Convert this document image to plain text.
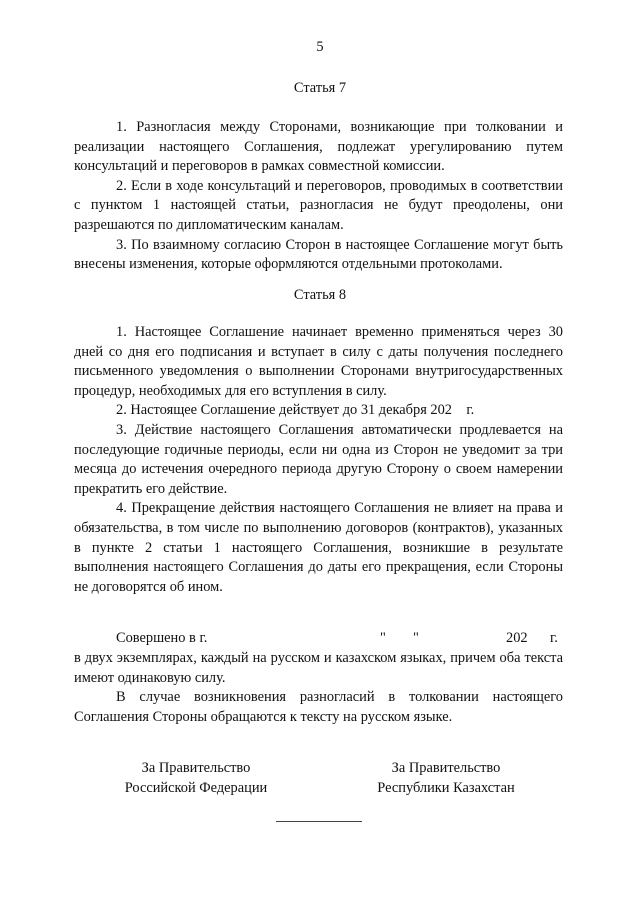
5
Статья 7

1. Разногласия между Сторонами, возникающие при толковании и реализации настоящего Соглашения, подлежат урегулированию путем консультаций и переговоров в рамках совместной комиссии.

2. Если в ходе консультаций и переговоров, проводимых в соответствии с пунктом 1 настоящей статьи, разногласия не будут преодолены, они разрешаются по дипломатическим каналам.

3. По взаимному согласию Сторон в настоящее Соглашение могут быть внесены изменения, которые оформляются отдельными протоколами.

Статья 8

1. Настоящее Соглашение начинает временно применяться через 30 дней со дня его подписания и вступает в силу с даты получения последнего письменного уведомления о выполнении Сторонами внутригосударственных процедур, необходимых для его вступления в силу.

2. Настоящее Соглашение действует до 31 декабря 202    г.

3. Действие настоящего Соглашения автоматически продлевается на последующие годичные периоды, если ни одна из Сторон не уведомит за три месяца до истечения очередного периода другую Сторону о своем намерении прекратить его действие.

4. Прекращение действия настоящего Соглашения не влияет на права и обязательства, в том числе по выполнению договоров (контрактов), указанных в пункте 2 статьи 1 настоящего Соглашения, возникшие в результате выполнения настоящего Соглашения до даты его прекращения, если Стороны не договорятся об ином.

Совершено в г.	" "	202 г.

в двух экземплярах, каждый на русском и казахском языках, причем оба текста имеют одинаковую силу.

В случае возникновения разногласий в толковании настоящего Соглашения Стороны обращаются к тексту на русском языке.

За Правительство
Российской Федерации
За Правительство
Республики Казахстан
